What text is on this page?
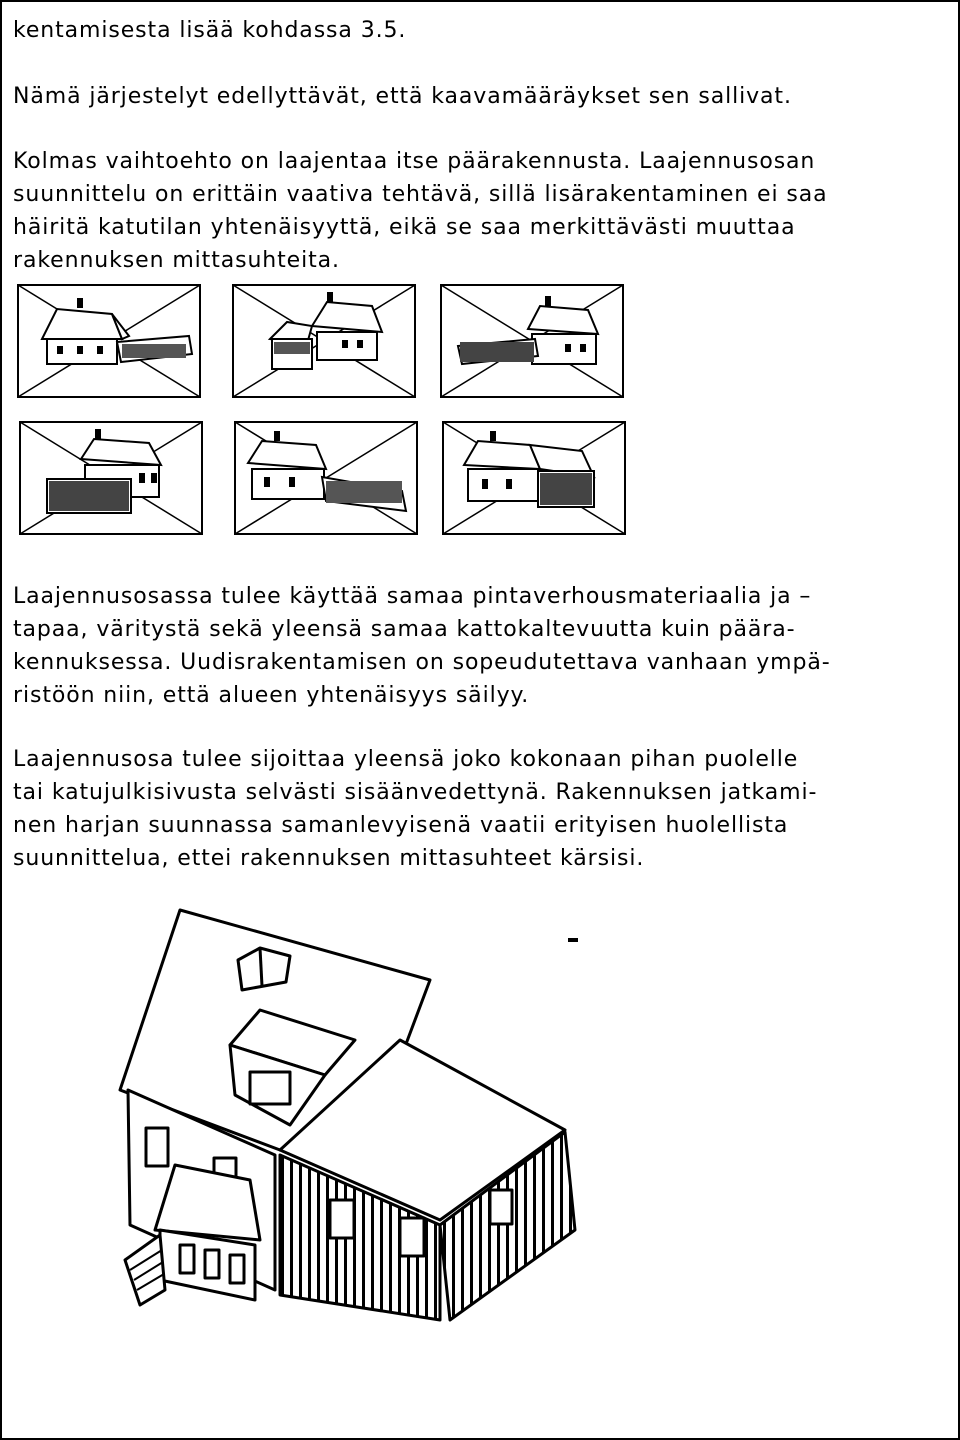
kentamisesta lisää kohdassa 3.5.
Nämä järjestelyt edellyttävät, että kaavamääräykset sen sallivat.
Kolmas vaihtoehto on laajentaa itse päärakennusta. Laajennusosan
suunnittelu on erittäin vaativa tehtävä, sillä lisärakentaminen ei saa
häiritä katutilan yhtenäisyyttä, eikä se saa merkittävästi muuttaa
rakennuksen mittasuhteita.
Laajennusosassa tulee käyttää samaa pintaverhousmateriaalia ja –
tapaa, väritystä sekä yleensä samaa kattokaltevuutta kuin päära-
kennuksessa. Uudisrakentamisen on sopeudutettava vanhaan ympä-
ristöön niin, että alueen yhtenäisyys säilyy.
Laajennusosa tulee sijoittaa yleensä joko kokonaan pihan puolelle
tai katujulkisivusta selvästi sisäänvedettynä. Rakennuksen jatkami-
nen harjan suunnassa samanlevyisenä vaatii erityisen huolellista
suunnittelua, ettei rakennuksen mittasuhteet kärsisi.
